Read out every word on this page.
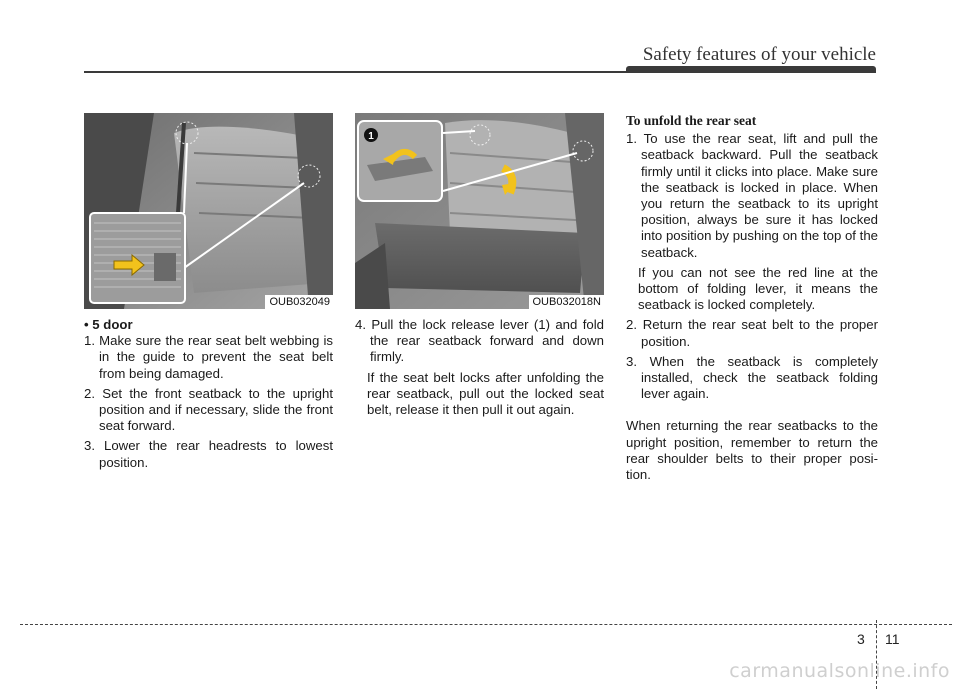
Safety features of your vehicle
OUB032049
1
OUB032018N

• 5 door

1. Make sure the rear seat belt webbing is in the guide to prevent the seat belt from being damaged.

2. Set the front seatback to the upright position and if necessary, slide the front seat forward.

3. Lower the rear headrests to lowest position.

4. Pull the lock release lever (1) and fold the rear seatback forward and down firmly.

If the seat belt locks after unfolding the rear seatback, pull out the locked seat belt, release it then pull it out again.

To unfold the rear seat

1. To use the rear seat, lift and pull the seatback backward. Pull the seatback firmly until it clicks into place. Make sure the seatback is locked in place. When you return the seatback to its upright position, always be sure it has locked into position by pushing on the top of the seatback.

If you can not see the red line at the bottom of folding lever, it means the seatback is locked completely.

2. Return the rear seat belt to the proper position.

3. When the seatback is completely installed, check the seatback folding lever again.

When returning the rear seatbacks to the upright position, remember to return the rear shoulder belts to their proper posi-tion.

3 11
carmanualsonline.info
